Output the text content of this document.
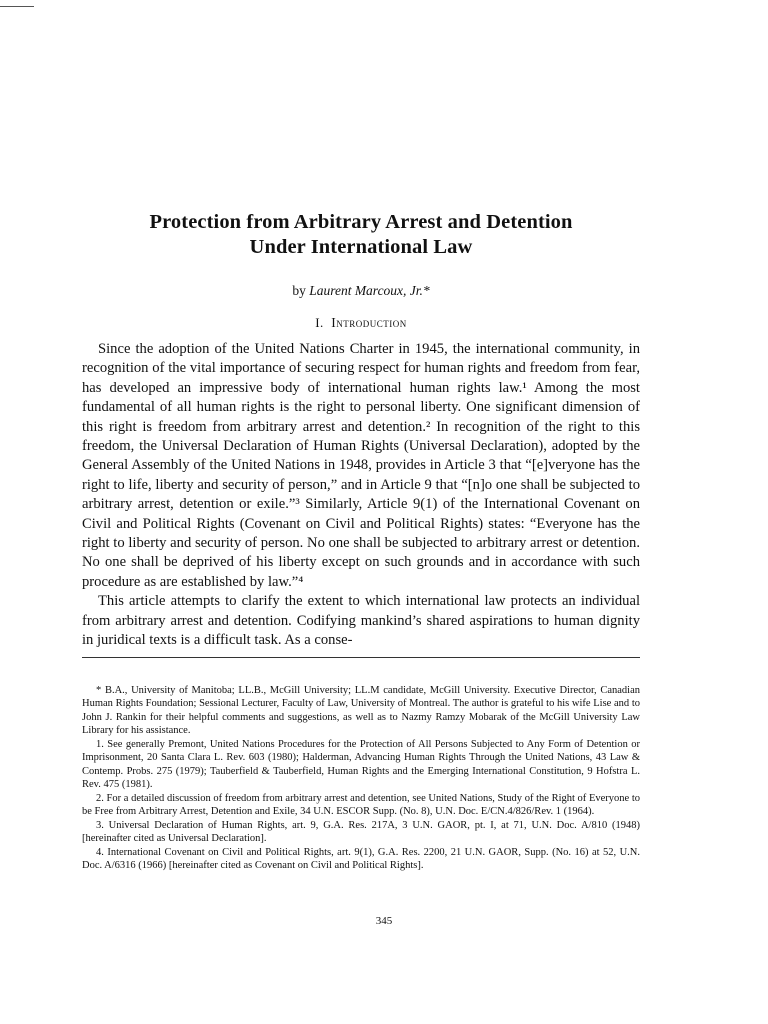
Protection from Arbitrary Arrest and Detention
Under International Law
by Laurent Marcoux, Jr.*
I. Introduction

Since the adoption of the United Nations Charter in 1945, the international community, in recognition of the vital importance of securing respect for human rights and freedom from fear, has developed an impressive body of international human rights law.¹ Among the most fundamental of all human rights is the right to personal liberty. One significant dimension of this right is freedom from arbitrary arrest and detention.² In recognition of the right to this freedom, the Universal Declaration of Human Rights (Universal Declaration), adopted by the General Assembly of the United Nations in 1948, provides in Article 3 that “[e]veryone has the right to life, liberty and security of person,” and in Article 9 that “[n]o one shall be subjected to arbitrary arrest, detention or exile.”³ Similarly, Article 9(1) of the International Covenant on Civil and Political Rights (Covenant on Civil and Political Rights) states: “Everyone has the right to liberty and security of person. No one shall be subjected to arbitrary arrest or detention. No one shall be deprived of his liberty except on such grounds and in accordance with such procedure as are established by law.”⁴

This article attempts to clarify the extent to which international law protects an individual from arbitrary arrest and detention. Codifying mankind’s shared aspirations to human dignity in juridical texts is a difficult task. As a conse-

* B.A., University of Manitoba; LL.B., McGill University; LL.M candidate, McGill University. Executive Director, Canadian Human Rights Foundation; Sessional Lecturer, Faculty of Law, University of Montreal. The author is grateful to his wife Lise and to John J. Rankin for their helpful comments and suggestions, as well as to Nazmy Ramzy Mobarak of the McGill University Law Library for his assistance.

1. See generally Premont, United Nations Procedures for the Protection of All Persons Subjected to Any Form of Detention or Imprisonment, 20 Santa Clara L. Rev. 603 (1980); Halderman, Advancing Human Rights Through the United Nations, 43 Law & Contemp. Probs. 275 (1979); Tauberfield & Tauberfield, Human Rights and the Emerging International Constitution, 9 Hofstra L. Rev. 475 (1981).

2. For a detailed discussion of freedom from arbitrary arrest and detention, see United Nations, Study of the Right of Everyone to be Free from Arbitrary Arrest, Detention and Exile, 34 U.N. ESCOR Supp. (No. 8), U.N. Doc. E/CN.4/826/Rev. 1 (1964).

3. Universal Declaration of Human Rights, art. 9, G.A. Res. 217A, 3 U.N. GAOR, pt. I, at 71, U.N. Doc. A/810 (1948) [hereinafter cited as Universal Declaration].

4. International Covenant on Civil and Political Rights, art. 9(1), G.A. Res. 2200, 21 U.N. GAOR, Supp. (No. 16) at 52, U.N. Doc. A/6316 (1966) [hereinafter cited as Covenant on Civil and Political Rights].

345
